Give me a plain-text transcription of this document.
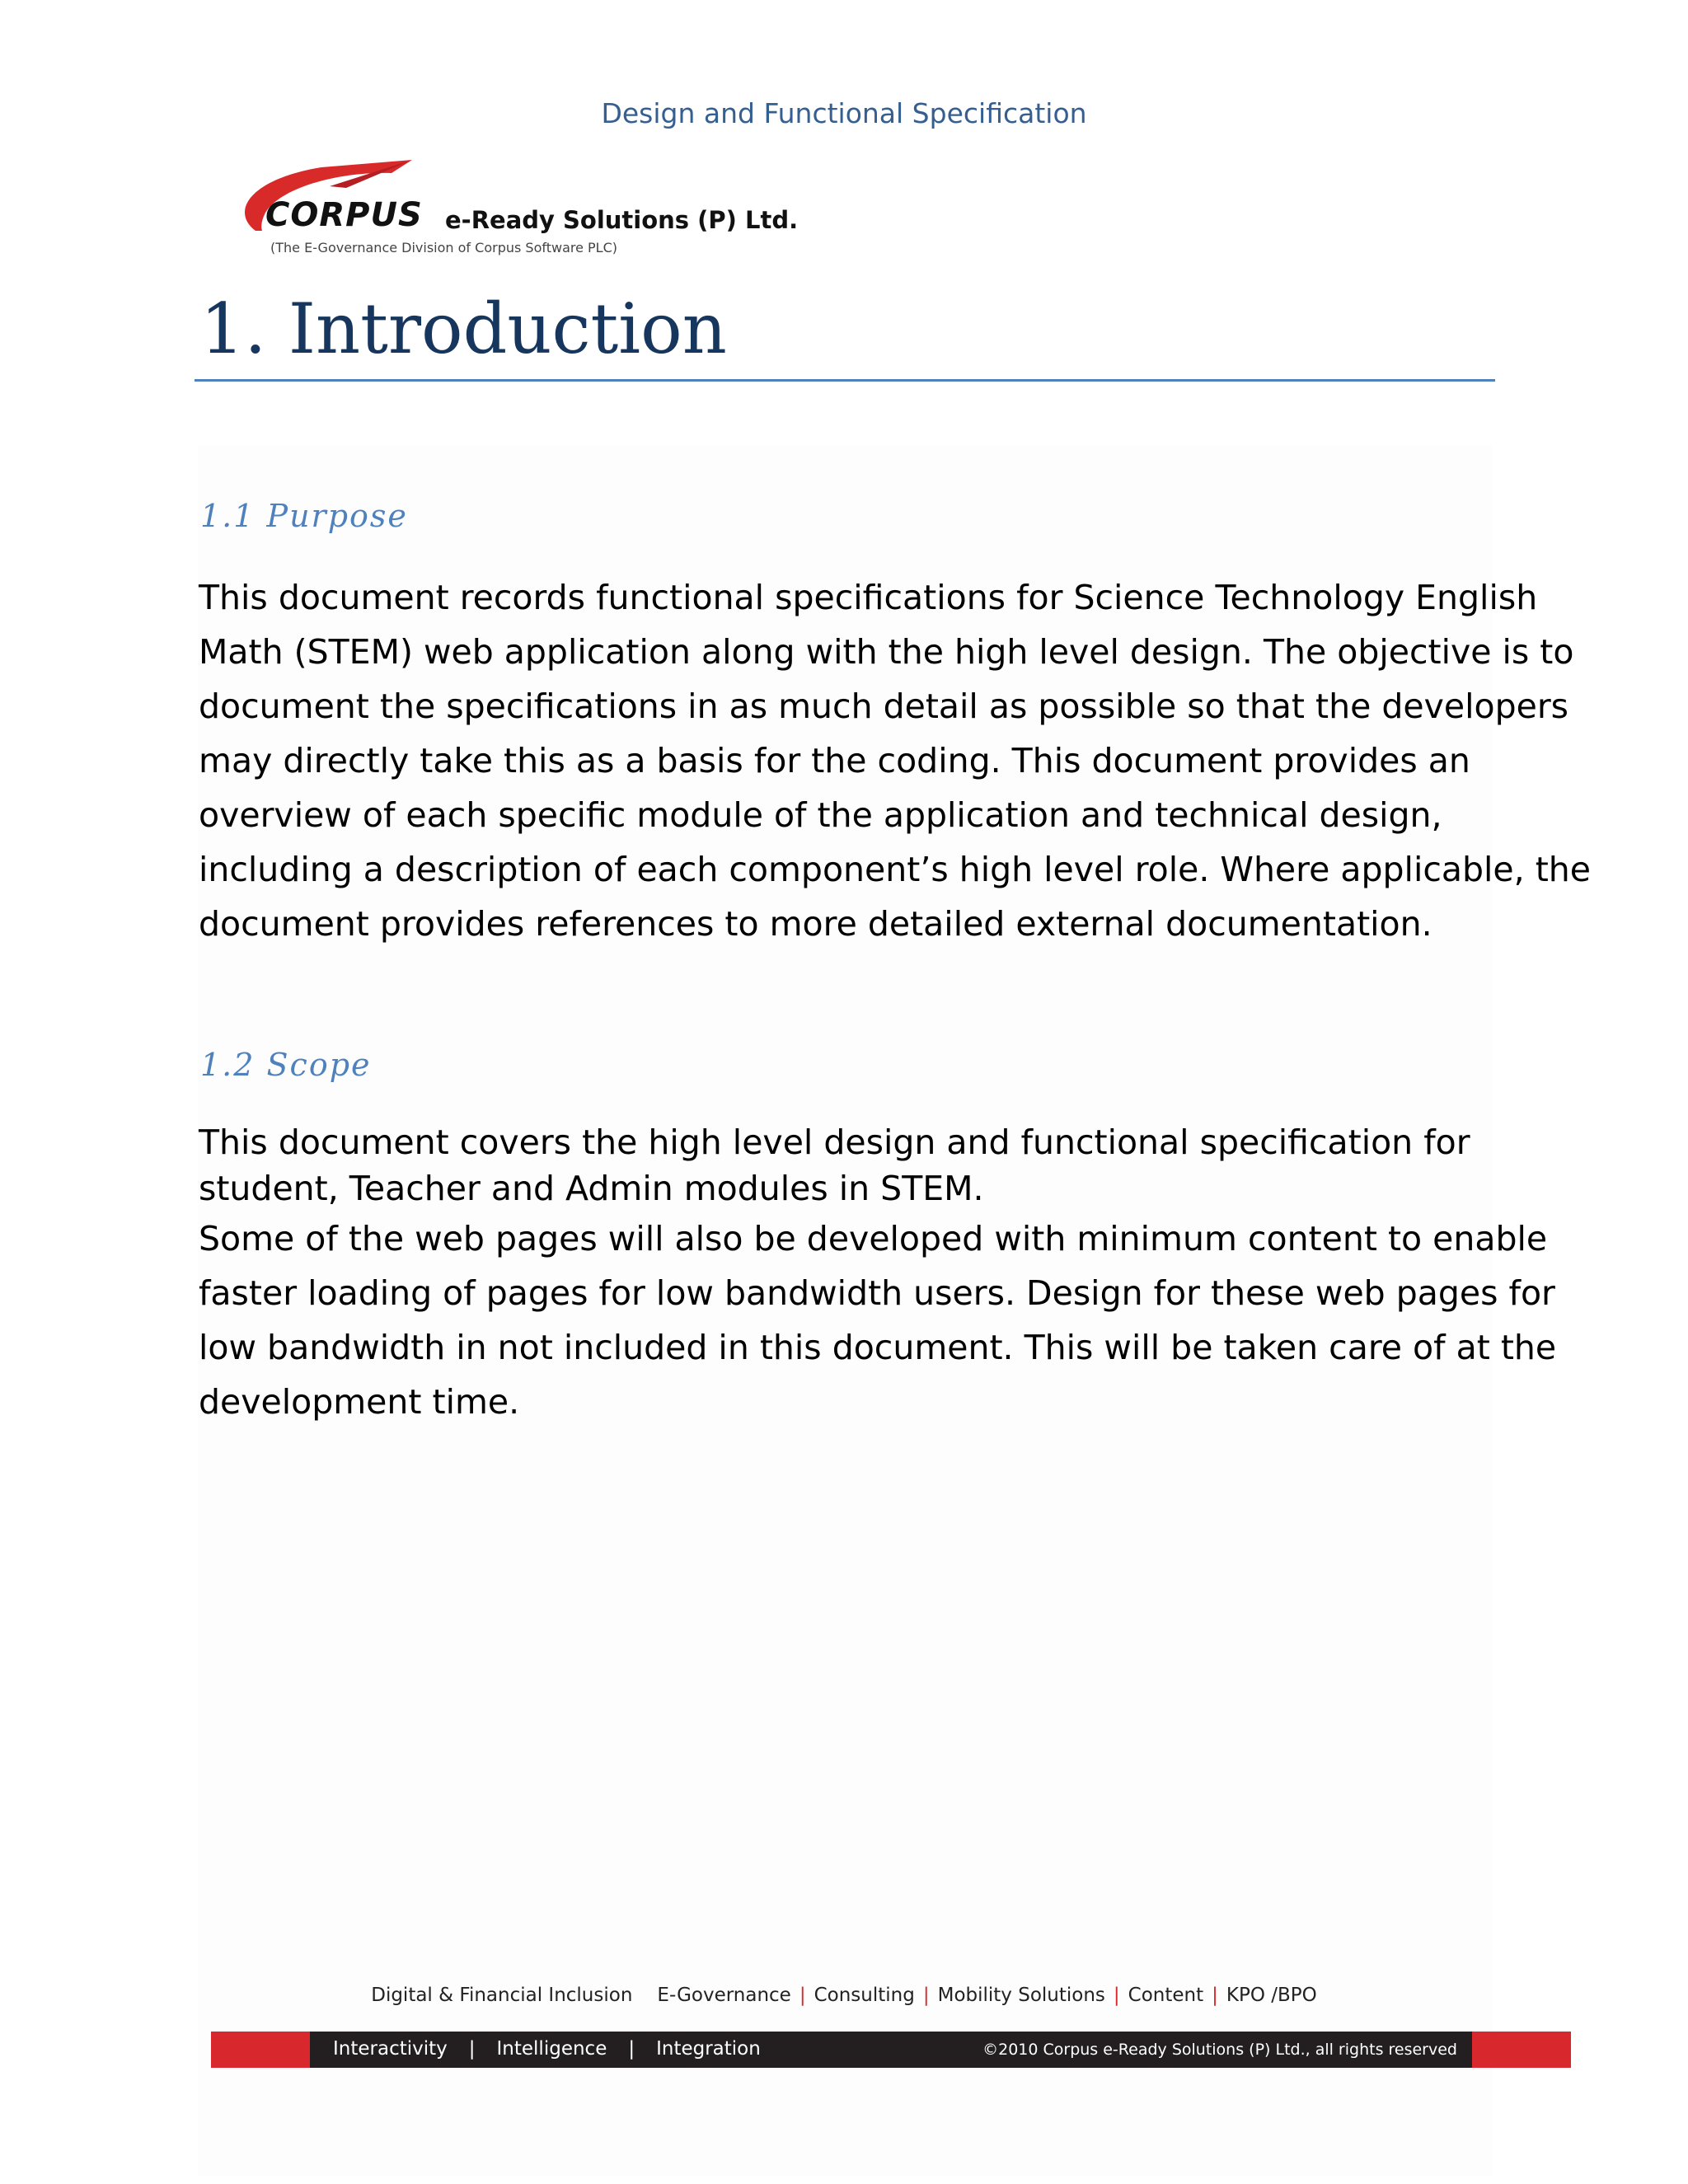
Design and Functional Specification
CORPUS e-Ready Solutions (P) Ltd.
(The E-Governance Division of Corpus Software PLC)
1. Introduction
1.1 Purpose
This document records functional specifications for Science Technology English
Math (STEM) web application along with the high level design. The objective is to
document the specifications in as much detail as possible so that the developers
may directly take this as a basis for the coding. This document provides an
overview of each specific module of the application and technical design,
including a description of each component’s high level role. Where applicable, the
document provides references to more detailed external documentation.
1.2 Scope
This document covers the high level design and functional specification for
student, Teacher and Admin modules in STEM.
Some of the web pages will also be developed with minimum content to enable
faster loading of pages for low bandwidth users. Design for these web pages for
low bandwidth in not included in this document. This will be taken care of at the
development time.
Digital & Financial Inclusion E-Governance | Consulting | Mobility Solutions | Content | KPO /BPO
Interactivity | Intelligence | Integration	©2010 Corpus e-Ready Solutions (P) Ltd., all rights reserved
